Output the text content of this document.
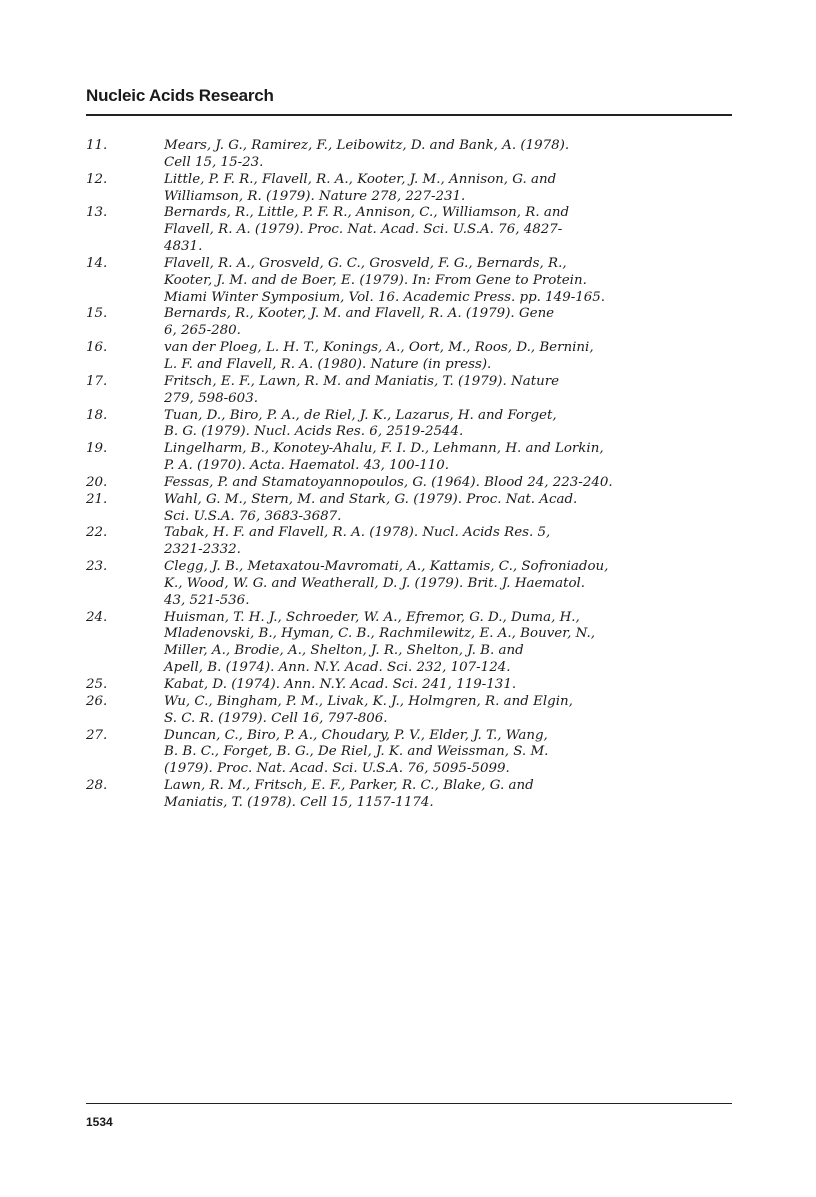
Nucleic Acids Research
11.	Mears, J. G., Ramirez, F., Leibowitz, D. and Bank, A. (1978).
Cell 15, 15-23.
12.	Little, P. F. R., Flavell, R. A., Kooter, J. M., Annison, G. and
Williamson, R. (1979). Nature 278, 227-231.
13.	Bernards, R., Little, P. F. R., Annison, C., Williamson, R. and
Flavell, R. A. (1979). Proc. Nat. Acad. Sci. U.S.A. 76, 4827-
4831.
14.	Flavell, R. A., Grosveld, G. C., Grosveld, F. G., Bernards, R.,
Kooter, J. M. and de Boer, E. (1979). In: From Gene to Protein.
Miami Winter Symposium, Vol. 16. Academic Press. pp. 149-165.
15.	Bernards, R., Kooter, J. M. and Flavell, R. A. (1979). Gene
6, 265-280.
16.	van der Ploeg, L. H. T., Konings, A., Oort, M., Roos, D., Bernini,
L. F. and Flavell, R. A. (1980). Nature (in press).
17.	Fritsch, E. F., Lawn, R. M. and Maniatis, T. (1979). Nature
279, 598-603.
18.	Tuan, D., Biro, P. A., de Riel, J. K., Lazarus, H. and Forget,
B. G. (1979). Nucl. Acids Res. 6, 2519-2544.
19.	Lingelharm, B., Konotey-Ahalu, F. I. D., Lehmann, H. and Lorkin,
P. A. (1970). Acta. Haematol. 43, 100-110.
20.	Fessas, P. and Stamatoyannopoulos, G. (1964). Blood 24, 223-240.
21.	Wahl, G. M., Stern, M. and Stark, G. (1979). Proc. Nat. Acad.
Sci. U.S.A. 76, 3683-3687.
22.	Tabak, H. F. and Flavell, R. A. (1978). Nucl. Acids Res. 5,
2321-2332.
23.	Clegg, J. B., Metaxatou-Mavromati, A., Kattamis, C., Sofroniadou,
K., Wood, W. G. and Weatherall, D. J. (1979). Brit. J. Haematol.
43, 521-536.
24.	Huisman, T. H. J., Schroeder, W. A., Efremor, G. D., Duma, H.,
Mladenovski, B., Hyman, C. B., Rachmilewitz, E. A., Bouver, N.,
Miller, A., Brodie, A., Shelton, J. R., Shelton, J. B. and
Apell, B. (1974). Ann. N.Y. Acad. Sci. 232, 107-124.
25.	Kabat, D. (1974). Ann. N.Y. Acad. Sci. 241, 119-131.
26.	Wu, C., Bingham, P. M., Livak, K. J., Holmgren, R. and Elgin,
S. C. R. (1979). Cell 16, 797-806.
27.	Duncan, C., Biro, P. A., Choudary, P. V., Elder, J. T., Wang,
B. B. C., Forget, B. G., De Riel, J. K. and Weissman, S. M.
(1979). Proc. Nat. Acad. Sci. U.S.A. 76, 5095-5099.
28.	Lawn, R. M., Fritsch, E. F., Parker, R. C., Blake, G. and
Maniatis, T. (1978). Cell 15, 1157-1174.
1534
